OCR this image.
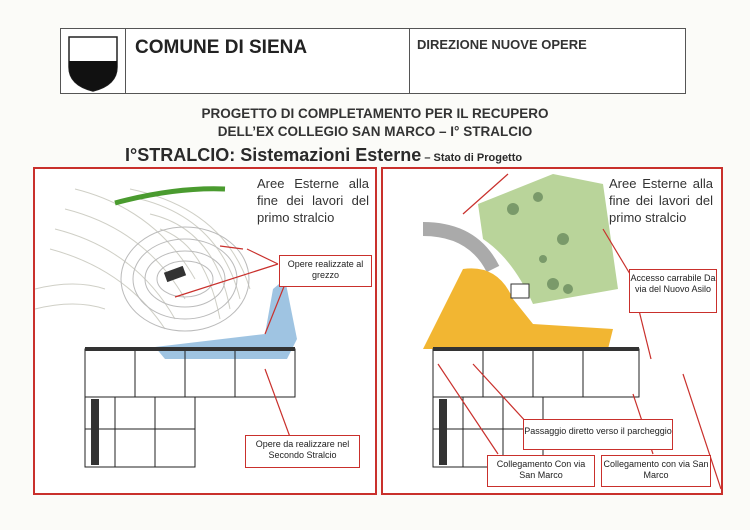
COMUNE DI SIENA	DIREZIONE NUOVE OPERE
PROGETTO DI COMPLETAMENTO PER IL RECUPERO
DELL’EX COLLEGIO SAN MARCO – I° STRALCIO
I°STRALCIO: Sistemazioni Esterne – Stato di Progetto
Aree Esterne alla fine dei lavori del primo stralcio
Opere realizzate al grezzo
Opere da realizzare nel Secondo Stralcio
Aree Esterne alla fine dei lavori del primo stralcio
Accesso carrabile Da via del Nuovo Asilo
Passaggio diretto verso il parcheggio
Collegamento Con via San Marco
Collegamento con via San Marco
